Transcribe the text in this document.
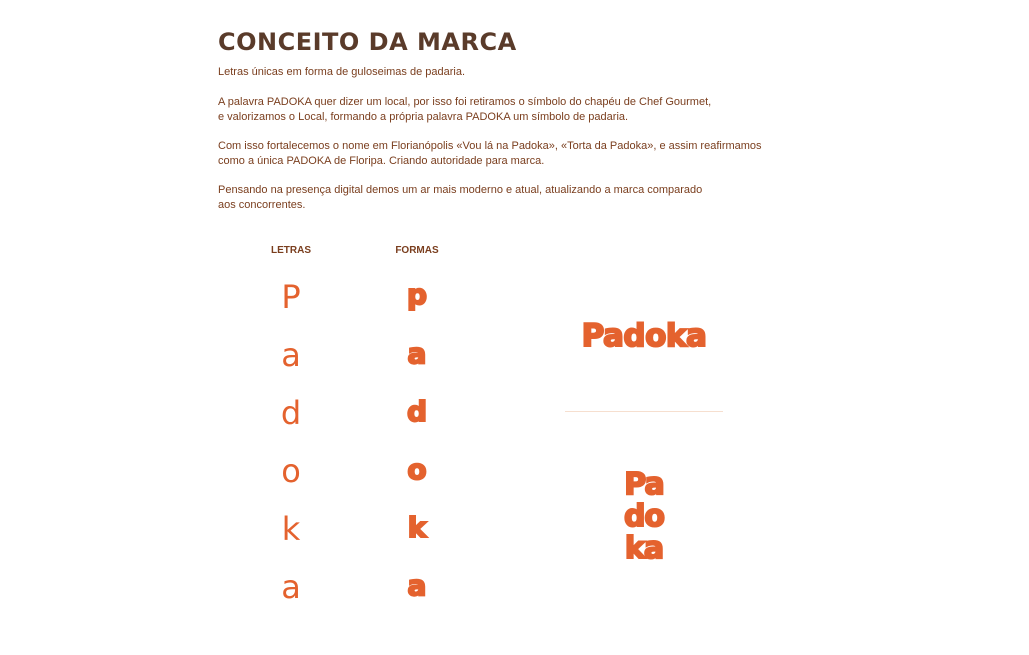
CONCEITO DA MARCA
Letras únicas em forma de guloseimas de padaria.
A palavra PADOKA quer dizer um local, por isso foi retiramos o símbolo do chapéu de Chef Gourmet,
e valorizamos o Local, formando a própria palavra PADOKA um símbolo de padaria.
Com isso fortalecemos o nome em Florianópolis «Vou lá na Padoka», «Torta da Padoka», e assim reafirmamos
como a única PADOKA de Floripa. Criando autoridade para marca.
Pensando na presença digital demos um ar mais moderno e atual, atualizando a marca comparado
aos concorrentes.
LETRAS
P
a
d
o
k
a
FORMAS
p
a
d
o
k
a
Padoka
Pa
do
ka
